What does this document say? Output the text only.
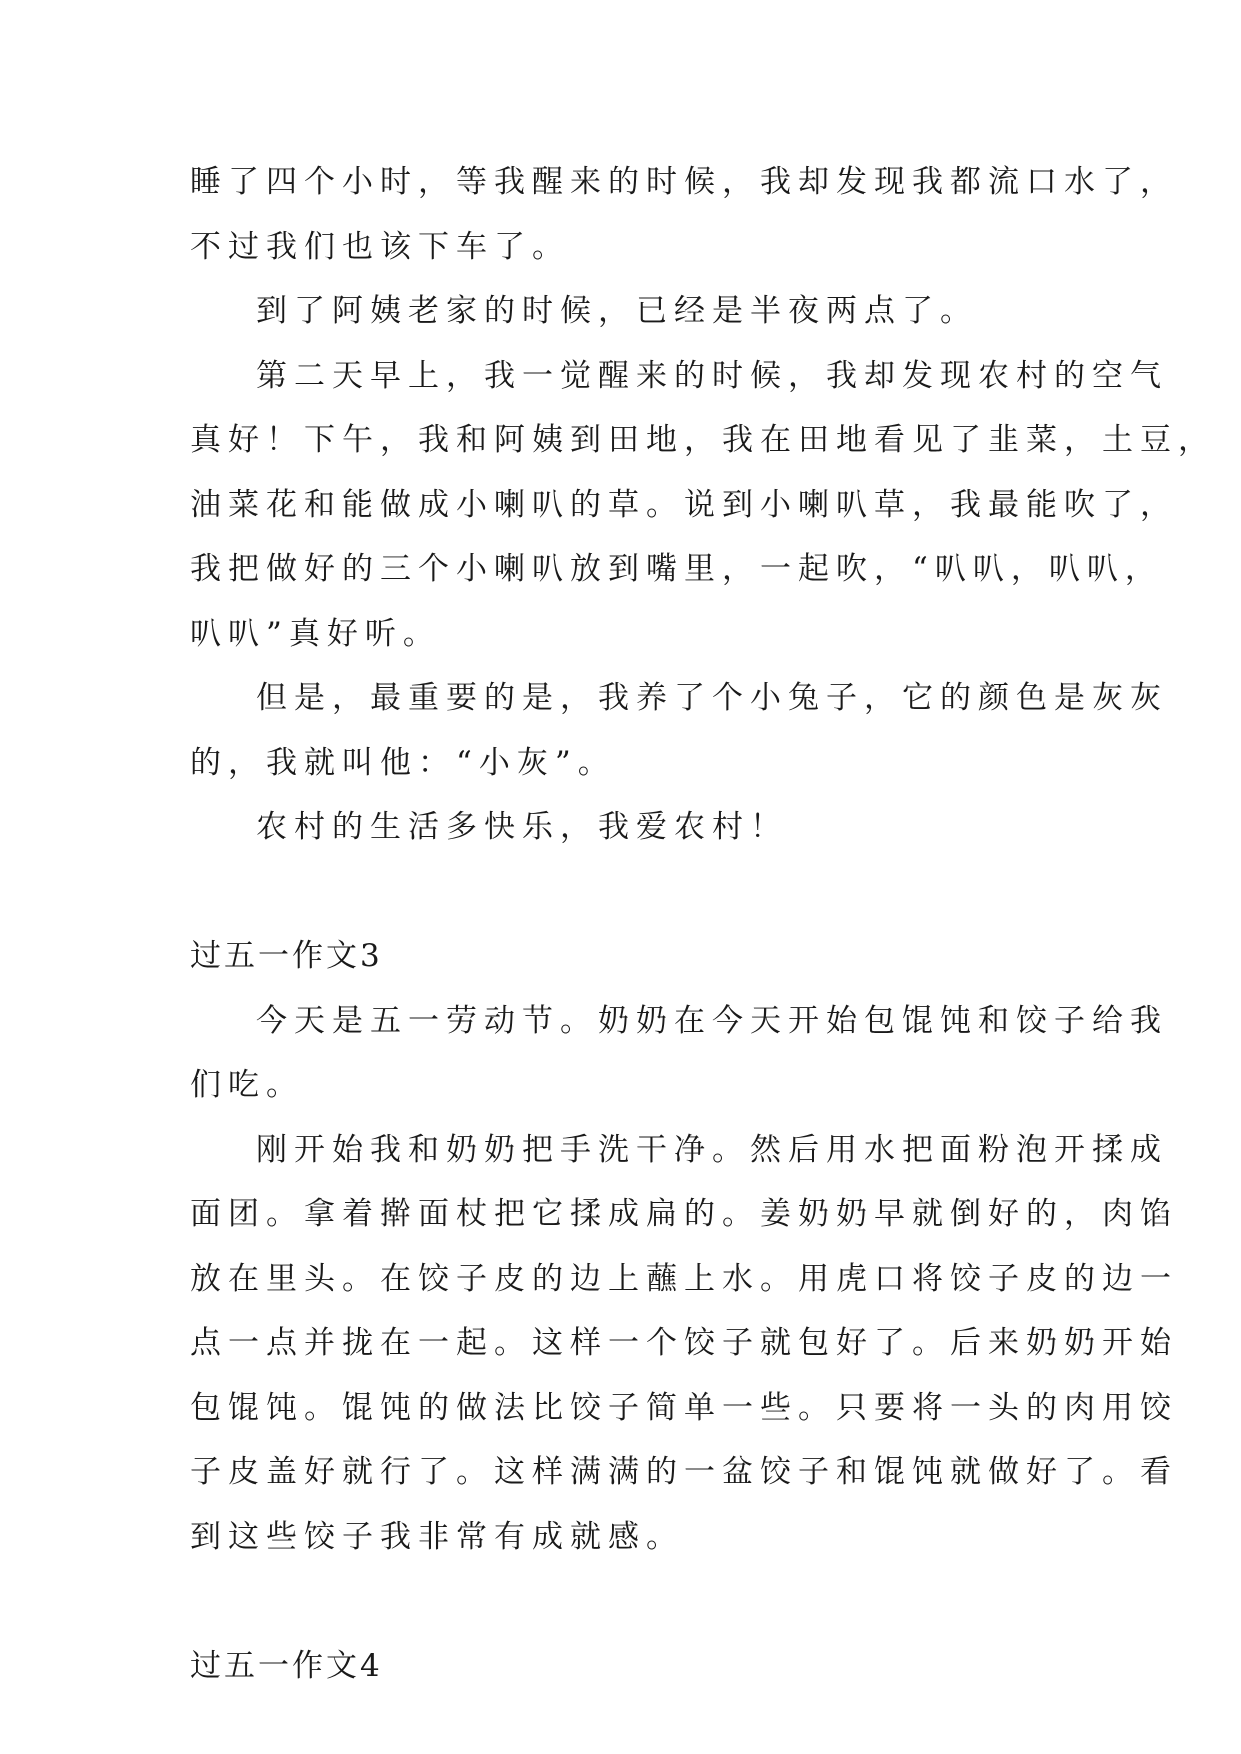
睡了四个小时，等我醒来的时候，我却发现我都流口水了，
不过我们也该下车了。
到了阿姨老家的时候，已经是半夜两点了。
第二天早上，我一觉醒来的时候，我却发现农村的空气
真好！下午，我和阿姨到田地，我在田地看见了韭菜，土豆，
油菜花和能做成小喇叭的草。说到小喇叭草，我最能吹了，
我把做好的三个小喇叭放到嘴里，一起吹，“叭叭，叭叭，
叭叭”真好听。
但是，最重要的是，我养了个小兔子，它的颜色是灰灰
的，我就叫他：“小灰”。
农村的生活多快乐，我爱农村！
过五一作文3
今天是五一劳动节。奶奶在今天开始包馄饨和饺子给我
们吃。
刚开始我和奶奶把手洗干净。然后用水把面粉泡开揉成
面团。拿着擀面杖把它揉成扁的。姜奶奶早就倒好的，肉馅
放在里头。在饺子皮的边上蘸上水。用虎口将饺子皮的边一
点一点并拢在一起。这样一个饺子就包好了。后来奶奶开始
包馄饨。馄饨的做法比饺子简单一些。只要将一头的肉用饺
子皮盖好就行了。这样满满的一盆饺子和馄饨就做好了。看
到这些饺子我非常有成就感。
过五一作文4
